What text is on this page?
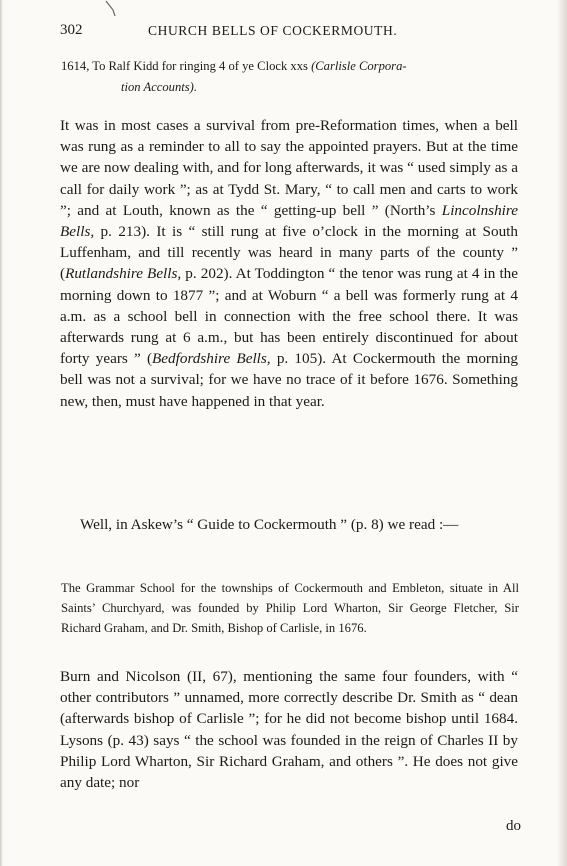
302	CHURCH BELLS OF COCKERMOUTH.
1614, To Ralf Kidd for ringing 4 of ye Clock xxs (Carlisle Corpora-
tion Accounts).

It was in most cases a survival from pre-Reformation times, when a bell was rung as a reminder to all to say the appointed prayers. But at the time we are now dealing with, and for long afterwards, it was “ used simply as a call for daily work ”; as at Tydd St. Mary, “ to call men and carts to work ”; and at Louth, known as the “ getting-up bell ” (North’s Lincolnshire Bells, p. 213). It is “ still rung at five o’clock in the morning at South Luffenham, and till recently was heard in many parts of the county ” (Rutlandshire Bells, p. 202). At Toddington “ the tenor was rung at 4 in the morning down to 1877 ”; and at Woburn “ a bell was formerly rung at 4 a.m. as a school bell in connection with the free school there. It was afterwards rung at 6 a.m., but has been entirely discontinued for about forty years ” (Bedfordshire Bells, p. 105). At Cockermouth the morning bell was not a survival; for we have no trace of it before 1676. Something new, then, must have happened in that year.

Well, in Askew’s “ Guide to Cockermouth ” (p. 8) we read :—

The Grammar School for the townships of Cockermouth and Embleton, situate in All Saints’ Churchyard, was founded by Philip Lord Wharton, Sir George Fletcher, Sir Richard Graham, and Dr. Smith, Bishop of Carlisle, in 1676.

Burn and Nicolson (II, 67), mentioning the same four founders, with “ other contributors ” unnamed, more correctly describe Dr. Smith as “ dean (afterwards bishop of Carlisle ”; for he did not become bishop until 1684. Lysons (p. 43) says “ the school was founded in the reign of Charles II by Philip Lord Wharton, Sir Richard Graham, and others ”. He does not give any date; nor

do
